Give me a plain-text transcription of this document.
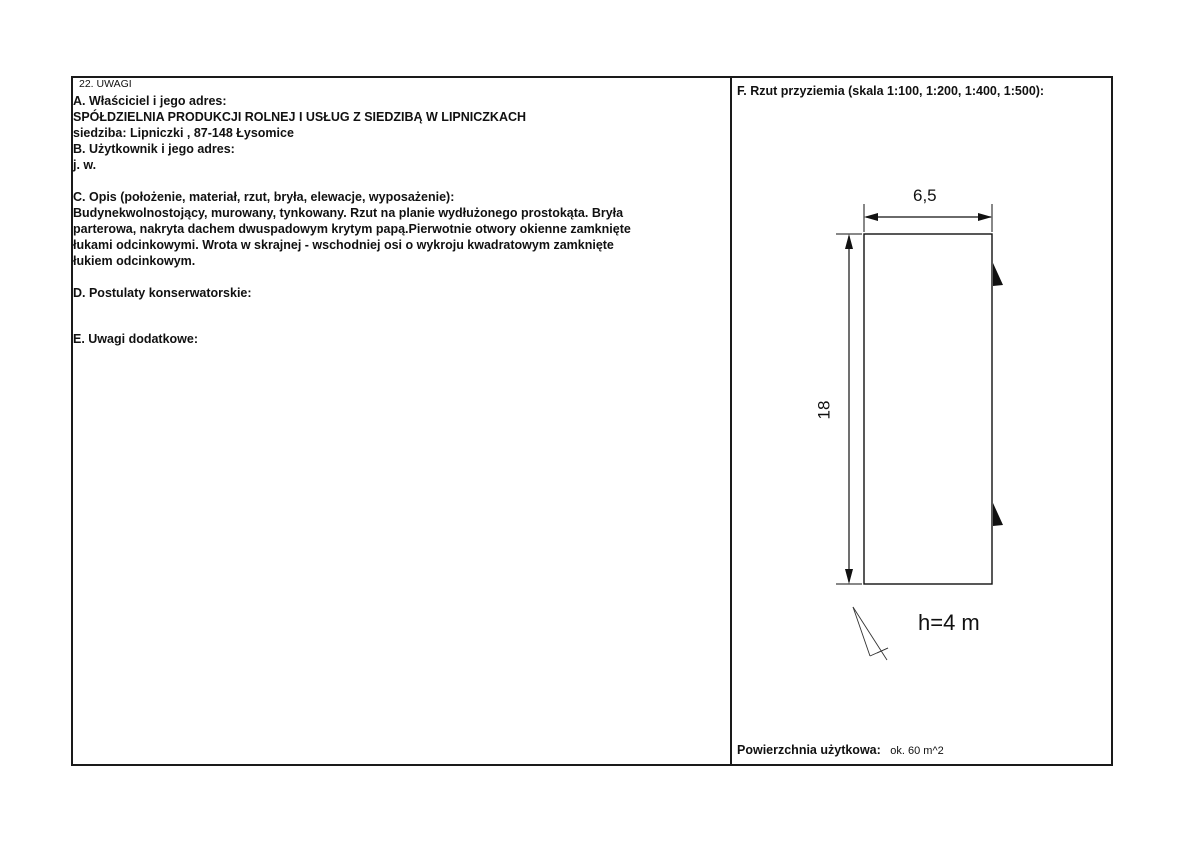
22. UWAGI
A. Właściciel i jego adres:
SPÓŁDZIELNIA PRODUKCJI ROLNEJ I USŁUG Z SIEDZIBĄ W LIPNICZKACH
siedziba: Lipniczki , 87-148 Łysomice
B. Użytkownik i jego adres:
j. w.
C. Opis (położenie, materiał, rzut, bryła, elewacje, wyposażenie):
Budynekwolnostojący, murowany, tynkowany. Rzut na planie wydłużonego prostokąta. Bryła
parterowa, nakryta dachem dwuspadowym krytym papą.Pierwotnie otwory okienne zamknięte
łukami odcinkowymi. Wrota w skrajnej - wschodniej osi o wykroju kwadratowym zamknięte
łukiem odcinkowym.
D. Postulaty konserwatorskie:
E. Uwagi dodatkowe:
F. Rzut przyziemia (skala 1:100, 1:200, 1:400, 1:500):
6,5
18
h=4 m
Powierzchnia użytkowa: ok. 60 m^2
